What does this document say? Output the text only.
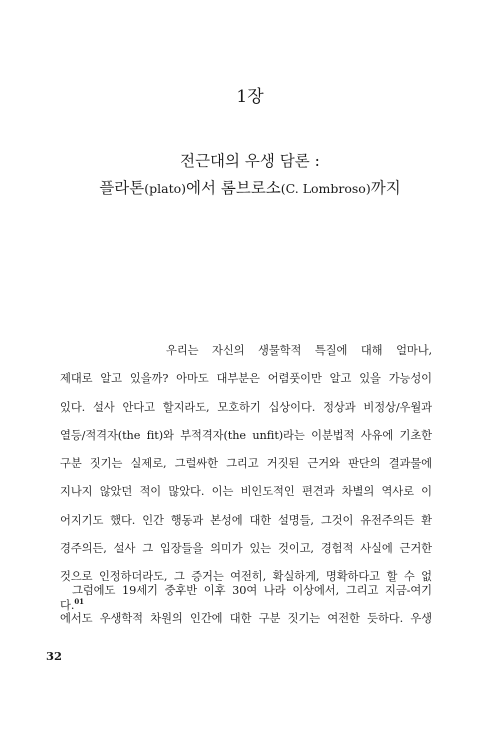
1장
전근대의 우생 담론 :
플라톤(plato)에서 롬브로소(C. Lombroso)까지
우리는 자신의 생물학적 특질에 대해 얼마나,
제대로 알고 있을까? 아마도 대부분은 어렴풋이만 알고 있을 가능성이
있다. 설사 안다고 할지라도, 모호하기 십상이다. 정상과 비정상/우월과
열등/적격자(the fit)와 부적격자(the unfit)라는 이분법적 사유에 기초한
구분 짓기는 실제로, 그럴싸한 그리고 거짓된 근거와 판단의 결과물에
지나지 않았던 적이 많았다. 이는 비인도적인 편견과 차별의 역사로 이
어지기도 했다. 인간 행동과 본성에 대한 설명들, 그것이 유전주의든 환
경주의든, 설사 그 입장들을 의미가 있는 것이고, 경험적 사실에 근거한
것으로 인정하더라도, 그 증거는 여전히, 확실하게, 명확하다고 할 수 없
다.$^{01}$
그럼에도 19세기 중후반 이후 30여 나라 이상에서, 그리고 지금-여기
에서도 우생학적 차원의 인간에 대한 구분 짓기는 여전한 듯하다. 우생
32
